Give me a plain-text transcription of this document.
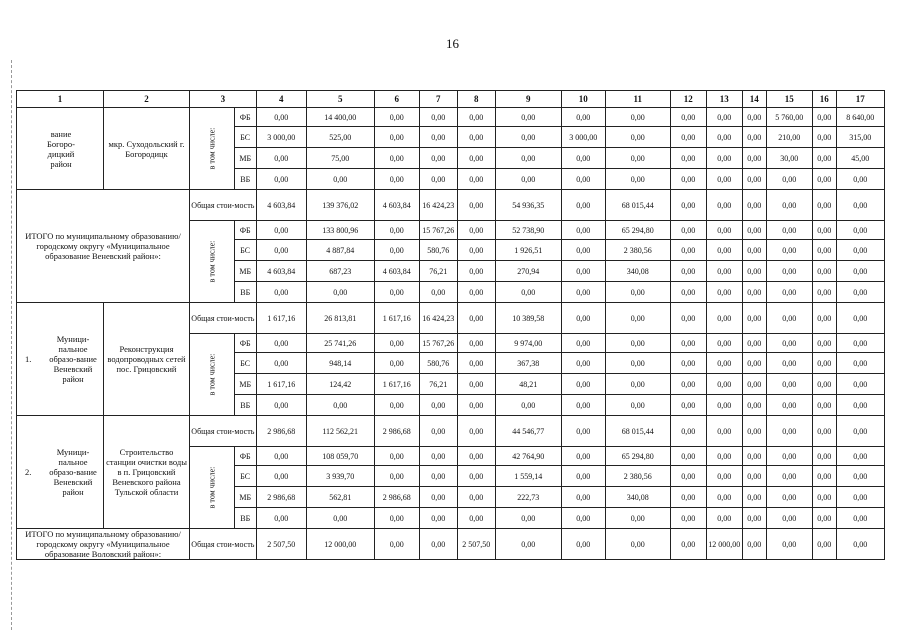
16
1	2	3		4	5	6	7	8	9	10	11	12	13	14	15	16	17

вание Богоро-дицкий район	мкр. Суходольский г. Богородицк	в том числе:	ФБ	0,00	14 400,00	0,00	0,00	0,00	0,00	0,00	0,00	0,00	0,00	0,00	5 760,00	0,00	8 640,00
			БС	3 000,00	525,00	0,00	0,00	0,00	0,00	3 000,00	0,00	0,00	0,00	0,00	210,00	0,00	315,00
			МБ	0,00	75,00	0,00	0,00	0,00	0,00	0,00	0,00	0,00	0,00	0,00	30,00	0,00	45,00
			ВБ	0,00	0,00	0,00	0,00	0,00	0,00	0,00	0,00	0,00	0,00	0,00	0,00	0,00	0,00
ИТОГО по муниципальному образованию/ городскому округу «Муниципальное образование Веневский район»:		Общая стои-мость		4 603,84	139 376,02	4 603,84	16 424,23	0,00	54 936,35	0,00	68 015,44	0,00	0,00	0,00	0,00	0,00	0,00
		в том числе:	ФБ	0,00	133 800,96	0,00	15 767,26	0,00	52 738,90	0,00	65 294,80	0,00	0,00	0,00	0,00	0,00	0,00
			БС	0,00	4 887,84	0,00	580,76	0,00	1 926,51	0,00	2 380,56	0,00	0,00	0,00	0,00	0,00	0,00
			МБ	4 603,84	687,23	4 603,84	76,21	0,00	270,94	0,00	340,08	0,00	0,00	0,00	0,00	0,00	0,00
			ВБ	0,00	0,00	0,00	0,00	0,00	0,00	0,00	0,00	0,00	0,00	0,00	0,00	0,00	0,00

1.
Муници-пальное образо-вание Веневский район	Реконструкция водопроводных сетей пос. Грицовский	Общая стои-мость		1 617,16	26 813,81	1 617,16	16 424,23	0,00	10 389,58	0,00	0,00	0,00	0,00	0,00	0,00	0,00	0,00
		в том числе:	ФБ	0,00	25 741,26	0,00	15 767,26	0,00	9 974,00	0,00	0,00	0,00	0,00	0,00	0,00	0,00	0,00
			БС	0,00	948,14	0,00	580,76	0,00	367,38	0,00	0,00	0,00	0,00	0,00	0,00	0,00	0,00
			МБ	1 617,16	124,42	1 617,16	76,21	0,00	48,21	0,00	0,00	0,00	0,00	0,00	0,00	0,00	0,00
			ВБ	0,00	0,00	0,00	0,00	0,00	0,00	0,00	0,00	0,00	0,00	0,00	0,00	0,00	0,00

2.
Муници-пальное образо-вание Веневский район	Строительство станции очистки воды в п. Грицовский Веневского района Тульской области	Общая стои-мость		2 986,68	112 562,21	2 986,68	0,00	0,00	44 546,77	0,00	68 015,44	0,00	0,00	0,00	0,00	0,00	0,00
		в том числе:	ФБ	0,00	108 059,70	0,00	0,00	0,00	42 764,90	0,00	65 294,80	0,00	0,00	0,00	0,00	0,00	0,00
			БС	0,00	3 939,70	0,00	0,00	0,00	1 559,14	0,00	2 380,56	0,00	0,00	0,00	0,00	0,00	0,00
			МБ	2 986,68	562,81	2 986,68	0,00	0,00	222,73	0,00	340,08	0,00	0,00	0,00	0,00	0,00	0,00
			ВБ	0,00	0,00	0,00	0,00	0,00	0,00	0,00	0,00	0,00	0,00	0,00	0,00	0,00	0,00
ИТОГО по муниципальному образованию/ городскому округу «Муниципальное образование Воловский район»:		Общая стои-мость		2 507,50	12 000,00	0,00	0,00	2 507,50	0,00	0,00	0,00	0,00	12 000,00	0,00	0,00	0,00	0,00
